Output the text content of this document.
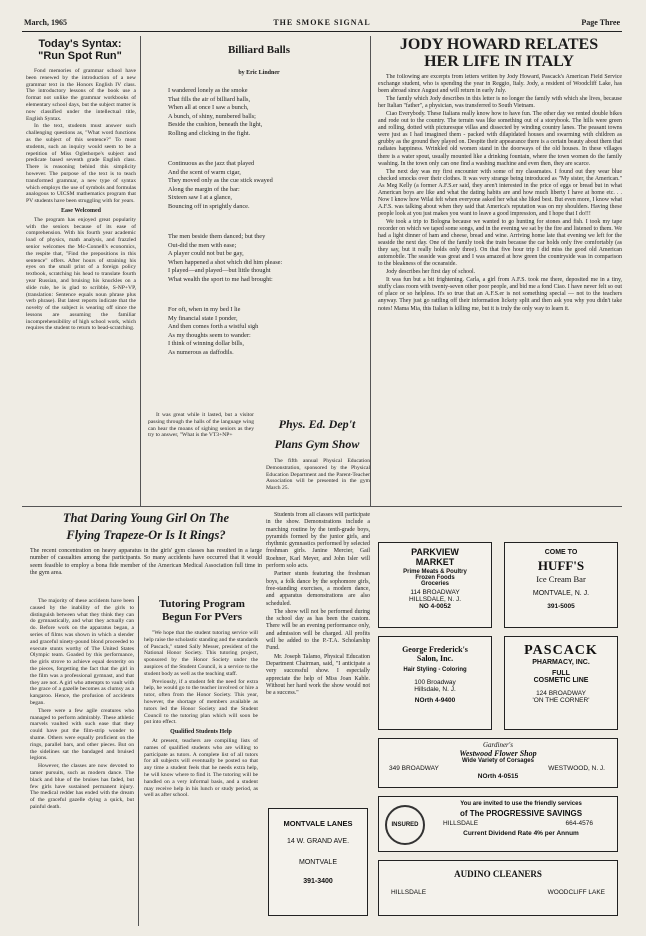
March, 1965	THE SMOKE SIGNAL	Page Three
Today's Syntax:
"Run Spot Run"

Fond memories of grammar school have been renewed by the introduction of a new grammar text in the Honors English IV class. The introductory lessons of the book use a format not unlike the grammar workbooks of elementary school days, but the subject matter is now classified under the intellectual title, English Syntax.

In the text, students must answer such challenging questions as, "What word functions as the subject of this sentence?" To most students, such an inquiry would seem to be a repetition of Miss Oglethorpe's subject and predicate based seventh grade English class. There is reasoning behind this simplicity however. The purpose of the text is to teach transformed grammar, a new type of syntax which employs the use of symbols and formulas analogous to UICSM mathematics program that PV students have been struggling with for years.

Ease Welcomed

The program has enjoyed great popularity with the seniors because of its ease of comprehension. With his fourth year academic load of physics, math analysis, and frazzled senior welcomes the Mc-Connell's economics, the respite that, "Find the prepositions in this sentence" offers. After hours of straining his eyes on the small print of a foreign policy textbook, scratching his head to translate fourth year Russian, and bruising his knuckles on a slide rule, he is glad to scribble, S-NP+VP, (translation: Sentence equals noun phrase plus verb phrase). But latest reports indicate that the novelty of the subject is wearing off since the lessons are assuming the familiar incomprehensibility of high school work, which requires the student to return to bead-scratching.

It was great while it lasted, but a visitor passing through the halls of the language wing can hear the moans of sighing seniors as they try to answer, "What is the VT3+NP+

Billiard Balls
by Eric Lindner
I wandered lonely as the smoke
That fills the air of billiard halls,
When all at once I saw a bunch,
A bunch, of shiny, numbered balls;
Beside the cushion, beneath the light,
Rolling and clicking in the fight.
Continuous as the jazz that played
And the scent of warm cigar,
They moved only as the cue stick swayed
Along the margin of the bar:
Sixteen saw I at a glance,
Bouncing off in sprightly dance.
The men beside them danced; but they
Out-did the men with ease;
A player could not but be gay,
When happened a shot which did him please:
I played—and played—but little thought
What wealth the sport to me had brought:
For oft, when in my bed I lie
My financial state I ponder,
And then comes forth a wistful sigh
As my thoughts seem to wander:
I think of winning dollar bills,
As numerous as daffodils.
JODY HOWARD RELATES
HER LIFE IN ITALY

The following are excerpts from letters written by Jody Howard, Pascack's American Field Service exchange student, who is spending the year in Reggio, Italy. Jody, a resident of Woodcliff Lake, has been abroad since August and will return in early July.

The family which Jody describes in this letter is no longer the family with which she lives, because her Italian "father", a physician, was transferred to South Vietnam.

Ciao Everybody. These Italians really know how to have fun. The other day we rented double bikes and rode out to the country. The terrain was like something out of a storybook. The hills were green and rolling, dotted with picturesque villas and dissected by winding country lanes. The peasant towns were just as I had imagined them - packed with dilapidated houses and swarming with children as grubby as the ground they played on. Despite their appearance there is a certain beauty about them that radiates happiness. Wrinkled old women stand in the doorways of the old houses. In these villages there is a water spout, usually mounted like a drinking fountain, where the town women do the family washing. In the town only can one find a washing machine and even then, they are scarce.

The next day was my first encounter with some of my classmates. I found out they wear blue checked smocks over their clothes. It was very strange being introduced as "My sister, the American." As Meg Kelly (a former A.F.S.er said, they aren't interested in the price of eggs or bread but in what American boys are like and what the dating habits are and how much liberty I have at home etc. . . Now I know how Wilai felt when everyone asked her what she liked best. But even more, I know what A.F.S. was talking about when they said that America's reputation was on my shoulders. Having these people look at you just makes you want to leave a good impression, and I hope that I do!!!

We took a trip to Bologna because we wanted to go hunting for stones and fish. I took my tape recorder on which we taped some songs, and in the evening we sat by the fire and listened to them. We had a light dinner of ham and cheese, bread and wine. Arriving home late that evening we left for the seaside the next day. One of the family took the train because the car holds only five comfortably (as they say, but it really holds only three). On that five hour trip I did miss the good old American automobile. The seaside was great and I was amazed at how green the countryside was in comparison to the bleakness of the oceanside.

Jody describes her first day of school.

It was fun but a bit frightening. Carla, a girl from A.F.S. took me there, deposited me in a tiny, stuffy class room with twenty-seven other poor people, and bid me a fond Ciao. I have never felt so out of place or so helpless. It's so true that an A.F.S.er is not something special — not to the teachers anyway. They just go rattling off their information lickety split and then ask you why you didn't take notes! Mama Mia, this Italian is killing me, but it is truly the only way to learn it.

Phys. Ed. Dep't
Plans Gym Show

The fifth annual Physical Education Demonstration, sponsored by the Physical Education Department and the Parent-Teacher Association will be presented in the gym March 25.

Students from all classes will participate in the show. Demonstrations include a marching routine by the tenth-grade boys, pyramids formed by the junior girls, and rhythmic gymnastics performed by selected freshman girls. Janine Mercier, Gail Roehner, Karl Meyer, and John Isler will perform solo acts.

Partner stunts featuring the freshman boys, a folk dance by the sophomore girls, free-standing exercises, a modern dance, and apparatus demonstrations are also scheduled.

The show will not be performed during the school day as has been the custom. There will be an evening performance only, and admission will be charged. All profits will be added to the P.-T.A. Scholarship Fund.

Mr. Joseph Talamo, Physical Education Department Chairman, said, "I anticipate a very successful show. I especially appreciate the help of Miss Joan Kable. Without her hard work the show would not be a success."

That Daring Young Girl On The
Flying Trapeze-Or Is It Rings?
The recent concentration on heavy apparatus in the girls' gym classes has resulted in a large number of casualties among the participants. So many accidents have occurred that it would seem feasible to employ a bona fide member of the American Medical Association full time in the gym area.

The majority of these accidents have been caused by the inability of the girls to distinguish between what they think they can do gymnastically, and what they actually can do. Before work on the apparatus began, a series of films was shown in which a slender and graceful ninety-pound blond proceeded to execute stunts worthy of The United States Olympic team. Goaded by this performance, the girls strove to achieve equal dexterity on the pieces, forgetting the fact that the girl in the film was a professional gymnast, and that they are not. A girl who attempts to vault with the grace of a gazelle becomes as clumsy as a kangaroo. Hence, the profusion of accidents began.

There were a few agile creatures who managed to perform admirably. These athletic marvels vaulted with such ease that they could have put the film-strip wonder to shame. Others were equally proficient on the rings, parallel bars, and other pieces. But on the sidelines sat the bandaged and bruised legions.

However, the classes are now devoted to tamer pursuits, such as modern dance. The black and blue of the bruises has faded, but few girls have sustained permanent injury. The medical redder has ended with the dream of the graceful gazelle dying a quick, but painful death.

Tutoring Program
Begun For PVers

"We hope that the student tutoring service will help raise the scholastic standing and the standards of Pascack," stated Sally Messer, president of the National Honor Society. This tutoring project, sponsored by the Honor Society under the auspices of the Student Council, is a service to the student body as well as the teaching staff.

Previously, if a student felt the need for extra help, he would go to the teacher involved or hire a tutor, often from the Honor Society. This year, however, the shortage of members available as tutors led the Honor Society and the Student Council to the tutoring plan which will soon be put into effect.

Qualified Students Help

At present, teachers are compiling lists of names of qualified students who are willing to participate as tutors. A complete list of all tutors for all subjects will eventually be posted so that any time a student feels that he needs extra help, he will know where to find it. The tutoring will be handled on a very informal basis, and a student may receive help in his lunch or study period, as well as after school.

PARKVIEW
MARKET
Prime Meats & Poultry
Frozen Foods
Groceries
114 BROADWAY
HILLSDALE, N. J.
NO 4-0052
COME TO
HUFF'S
Ice Cream Bar
MONTVALE, N. J.
391-5005
George Frederick's
Salon, Inc.
Hair Styling - Coloring
100 Broadway
Hillsdale, N. J.
NOrth 4-9400
PASCACK
PHARMACY, INC.
FULL
COSMETIC LINE
124 BROADWAY
'ON THE CORNER'
Gardiner's
Westwood Flower Shop
Wide Variety of Corsages
349 BROADWAY	WESTWOOD, N. J.
NOrth 4-0515
INSURED
You are invited to use the friendly services
of The PROGRESSIVE SAVINGS
HILLSDALE	664-4576
Current Dividend Rate 4% per Annum
MONTVALE LANES
14 W. GRAND AVE.
MONTVALE
391-3400
AUDINO CLEANERS
HILLSDALE	WOODCLIFF LAKE
